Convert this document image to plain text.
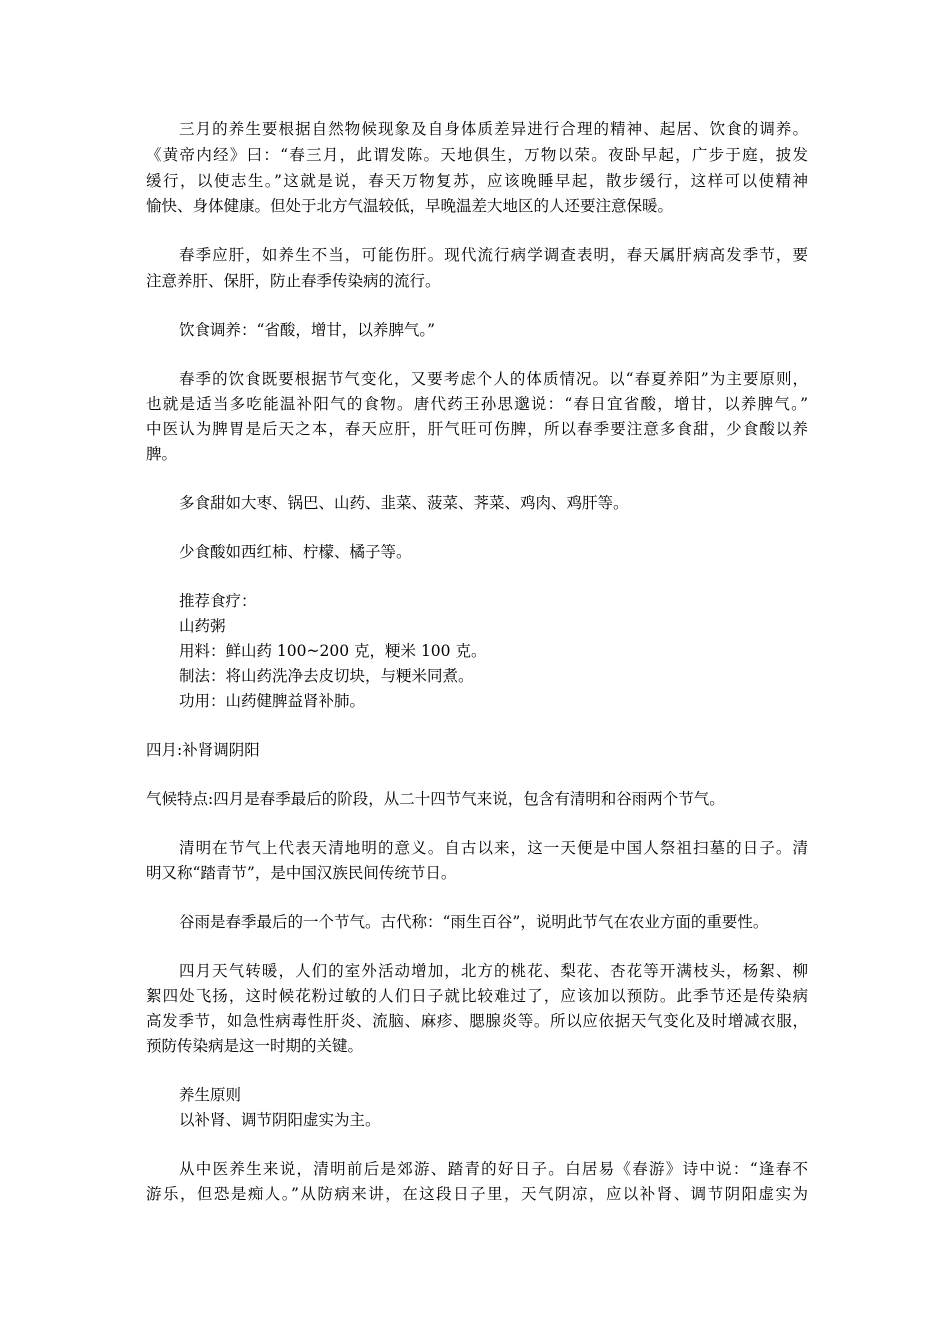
三月的养生要根据自然物候现象及自身体质差异进行合理的精神、起居、饮食的调养。
《黄帝内经》曰：“春三月，此谓发陈。天地俱生，万物以荣。夜卧早起，广步于庭，披发
缓行，以使志生。”这就是说，春天万物复苏，应该晚睡早起，散步缓行，这样可以使精神
愉快、身体健康。但处于北方气温较低，早晚温差大地区的人还要注意保暖。
春季应肝，如养生不当，可能伤肝。现代流行病学调查表明，春天属肝病高发季节，要
注意养肝、保肝，防止春季传染病的流行。
饮食调养：“省酸，增甘，以养脾气。”
春季的饮食既要根据节气变化，又要考虑个人的体质情况。以“春夏养阳”为主要原则，
也就是适当多吃能温补阳气的食物。唐代药王孙思邈说：“春日宜省酸，增甘，以养脾气。”
中医认为脾胃是后天之本，春天应肝，肝气旺可伤脾，所以春季要注意多食甜，少食酸以养
脾。
多食甜如大枣、锅巴、山药、韭菜、菠菜、荠菜、鸡肉、鸡肝等。
少食酸如西红柿、柠檬、橘子等。
推荐食疗：
山药粥
用料：鲜山药 100~200 克，粳米 100 克。
制法：将山药洗净去皮切块，与粳米同煮。
功用：山药健脾益肾补肺。
四月:补肾调阴阳
气候特点:四月是春季最后的阶段，从二十四节气来说，包含有清明和谷雨两个节气。
清明在节气上代表天清地明的意义。自古以来，这一天便是中国人祭祖扫墓的日子。清
明又称“踏青节”，是中国汉族民间传统节日。
谷雨是春季最后的一个节气。古代称：“雨生百谷”，说明此节气在农业方面的重要性。
四月天气转暖，人们的室外活动增加，北方的桃花、梨花、杏花等开满枝头，杨絮、柳
絮四处飞扬，这时候花粉过敏的人们日子就比较难过了，应该加以预防。此季节还是传染病
高发季节，如急性病毒性肝炎、流脑、麻疹、腮腺炎等。所以应依据天气变化及时增减衣服，
预防传染病是这一时期的关键。
养生原则
以补肾、调节阴阳虚实为主。
从中医养生来说，清明前后是郊游、踏青的好日子。白居易《春游》诗中说：“逢春不
游乐，但恐是痴人。”从防病来讲，在这段日子里，天气阴凉，应以补肾、调节阴阳虚实为
